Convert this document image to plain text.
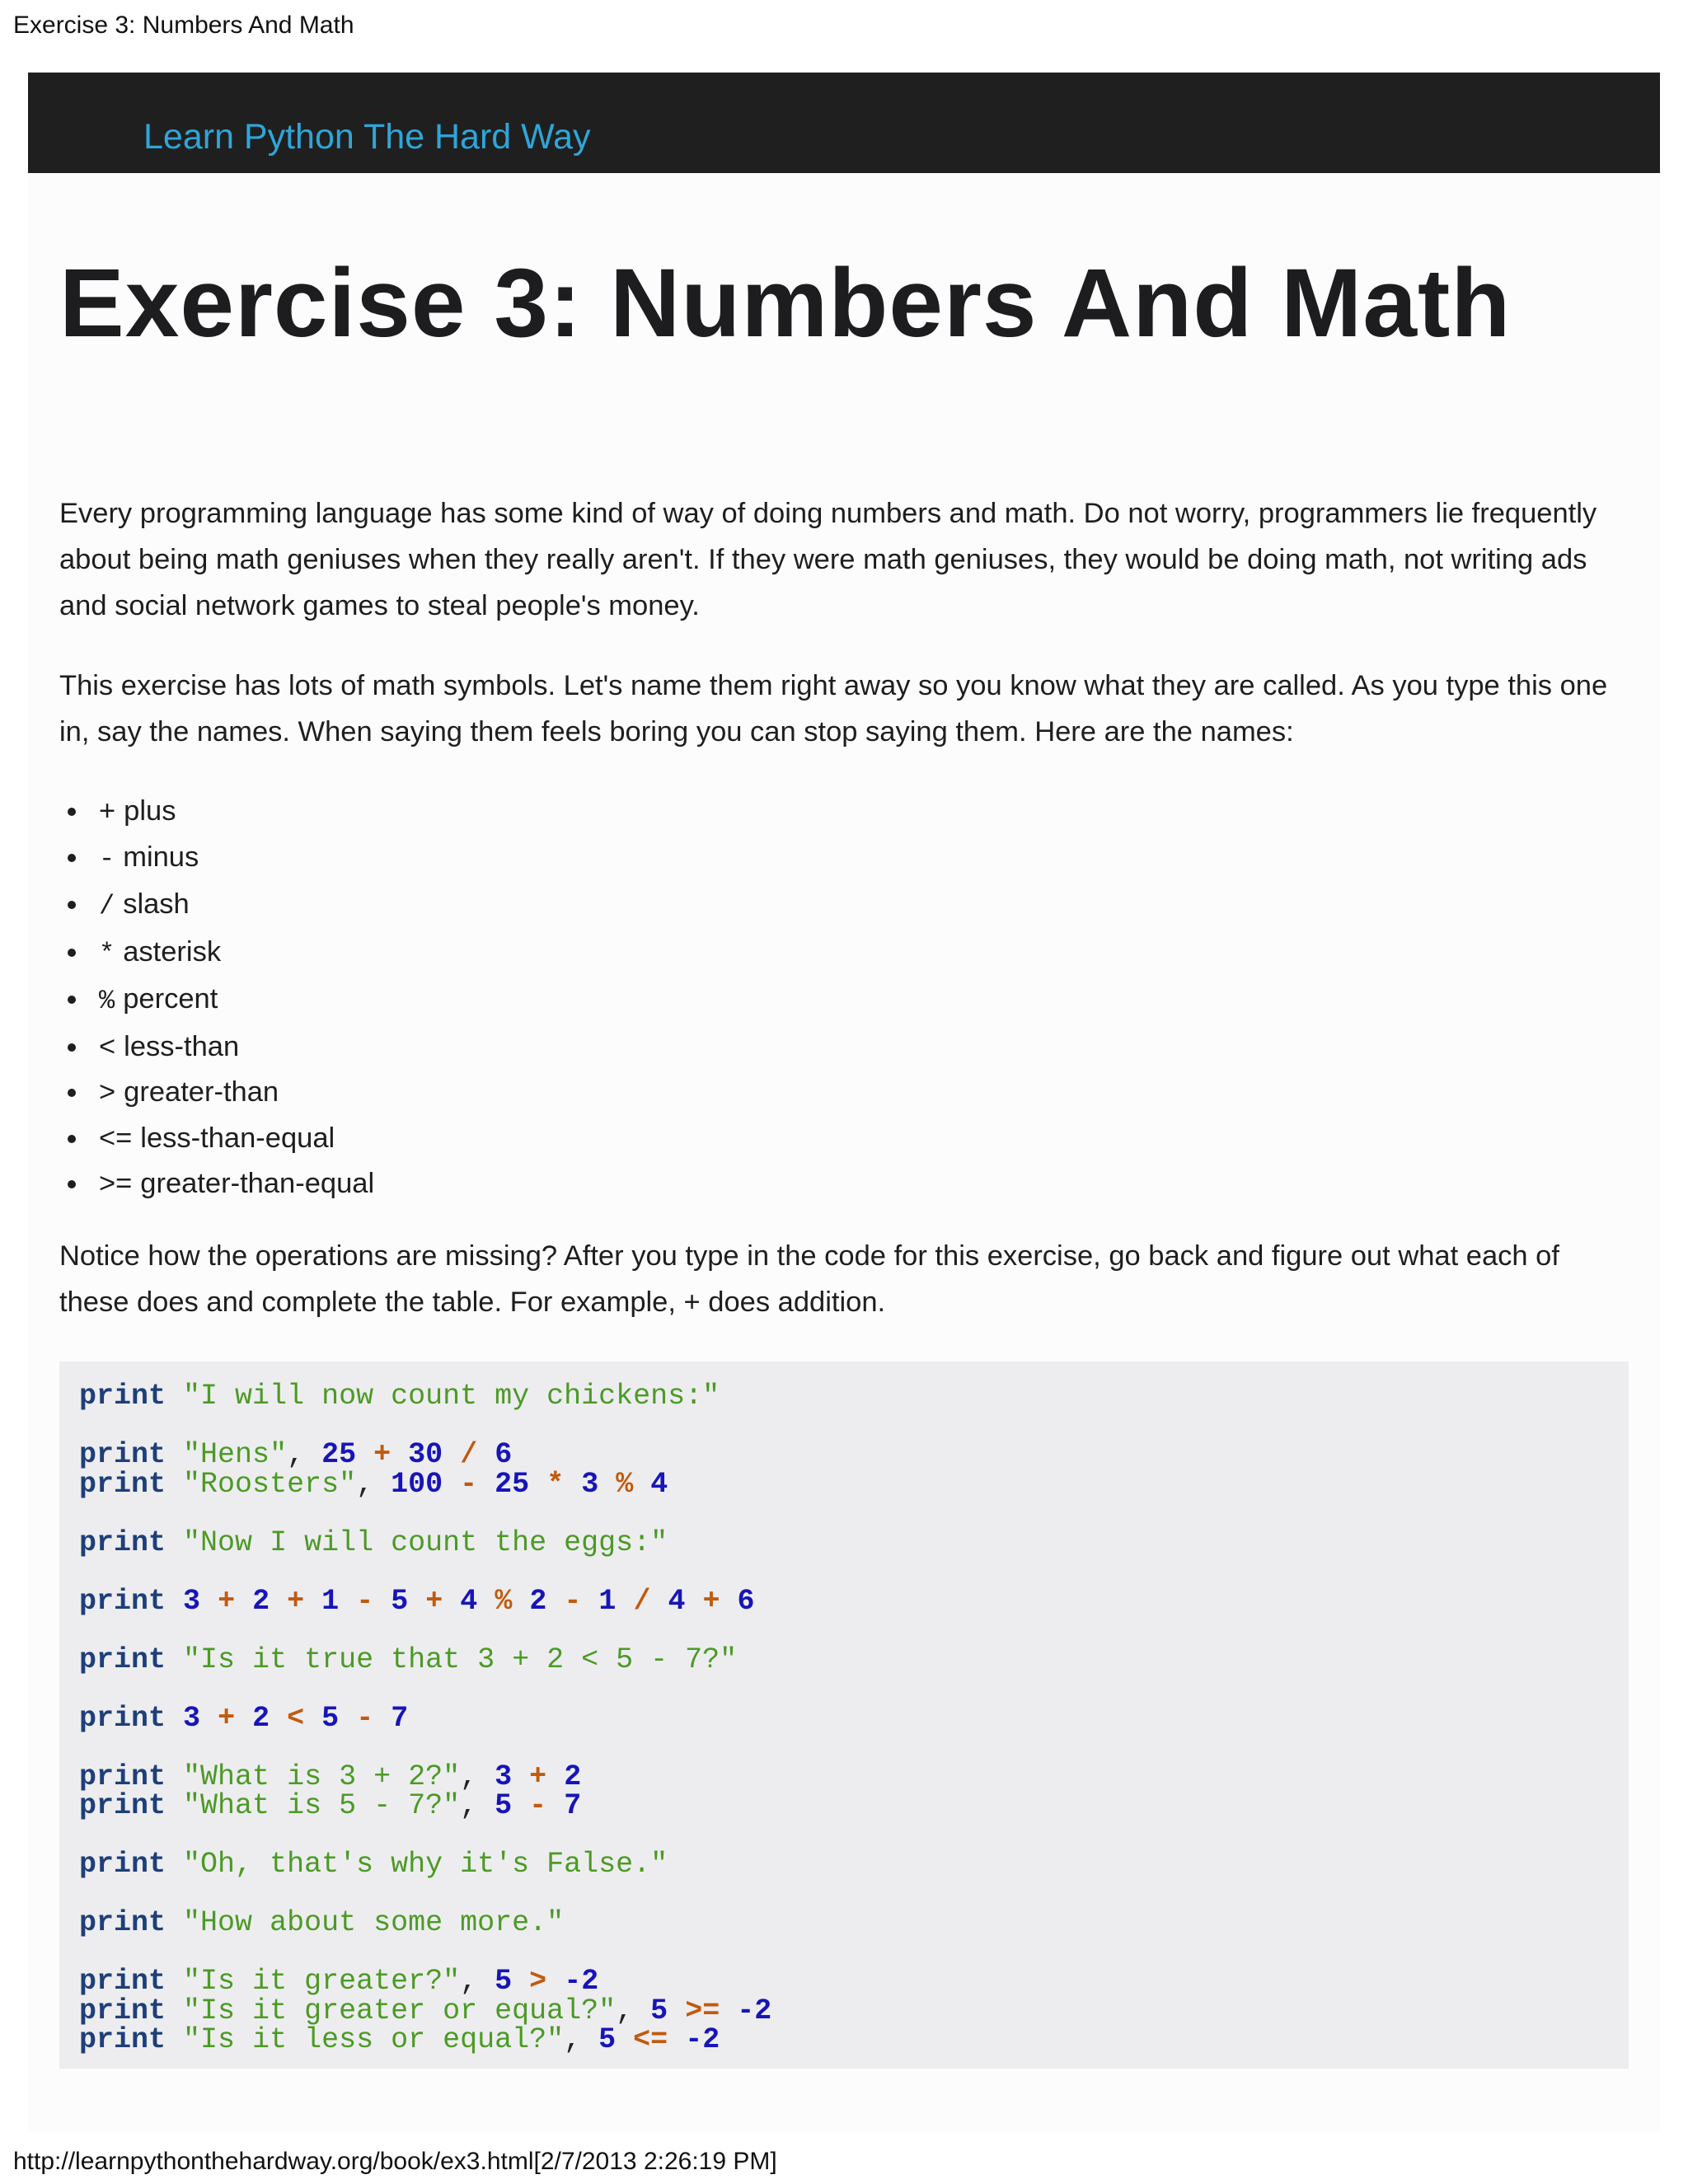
Exercise 3: Numbers And Math
Learn Python The Hard Way
Exercise 3: Numbers And Math

Every programming language has some kind of way of doing numbers and math. Do not worry, programmers lie frequently about being math geniuses when they really aren't. If they were math geniuses, they would be doing math, not writing ads and social network games to steal people's money.

This exercise has lots of math symbols. Let's name them right away so you know what they are called. As you type this one in, say the names. When saying them feels boring you can stop saying them. Here are the names:

+ plus
- minus
/ slash
* asterisk
% percent
< less-than
> greater-than
<= less-than-equal
>= greater-than-equal

Notice how the operations are missing? After you type in the code for this exercise, go back and figure out what each of these does and complete the table. For example, + does addition.

print "I will now count my chickens:"
print "Hens", 25 + 30 / 6
print "Roosters", 100 - 25 * 3 % 4
print "Now I will count the eggs:"
print 3 + 2 + 1 - 5 + 4 % 2 - 1 / 4 + 6
print "Is it true that 3 + 2 < 5 - 7?"
print 3 + 2 < 5 - 7
print "What is 3 + 2?", 3 + 2
print "What is 5 - 7?", 5 - 7
print "Oh, that's why it's False."
print "How about some more."
print "Is it greater?", 5 > -2
print "Is it greater or equal?", 5 >= -2
print "Is it less or equal?", 5 <= -2
http://learnpythonthehardway.org/book/ex3.html[2/7/2013 2:26:19 PM]
